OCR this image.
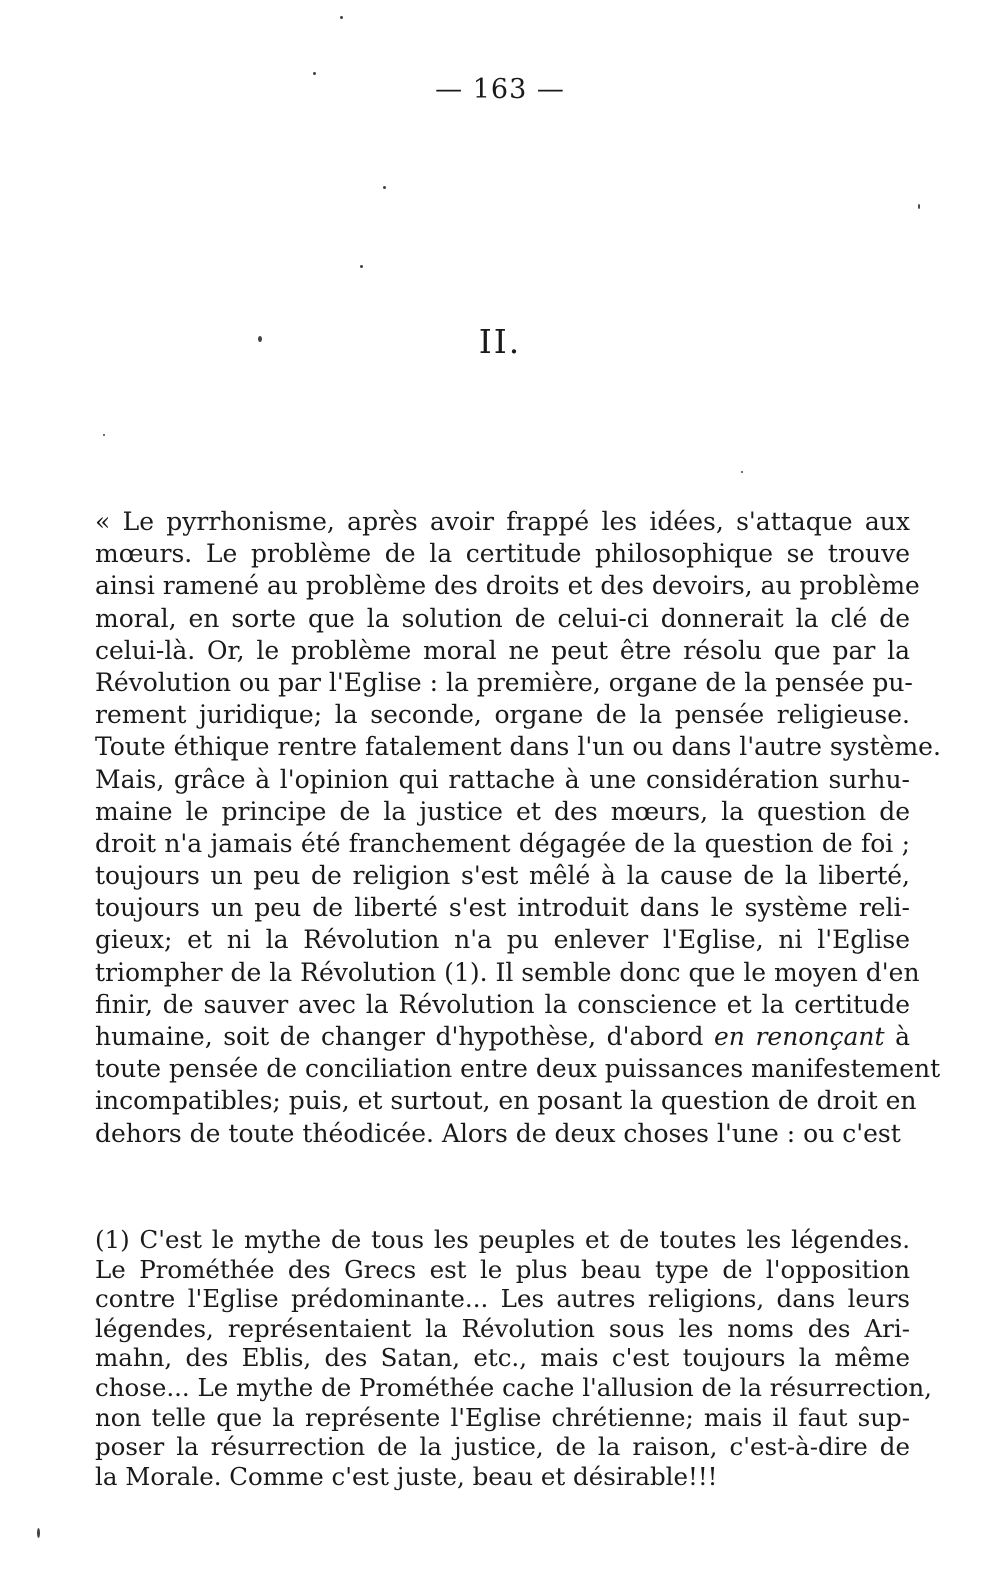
— 163 —
II.
« Le pyrrhonisme, après avoir frappé les idées, s'attaque aux
mœurs. Le problème de la certitude philosophique se trouve
ainsi ramené au problème des droits et des devoirs, au problème
moral, en sorte que la solution de celui-ci donnerait la clé de
celui-là. Or, le problème moral ne peut être résolu que par la
Révolution ou par l'Eglise : la première, organe de la pensée pu-
rement juridique; la seconde, organe de la pensée religieuse.
Toute éthique rentre fatalement dans l'un ou dans l'autre système.
Mais, grâce à l'opinion qui rattache à une considération surhu-
maine le principe de la justice et des mœurs, la question de
droit n'a jamais été franchement dégagée de la question de foi ;
toujours un peu de religion s'est mêlé à la cause de la liberté,
toujours un peu de liberté s'est introduit dans le système reli-
gieux; et ni la Révolution n'a pu enlever l'Eglise, ni l'Eglise
triompher de la Révolution (1). Il semble donc que le moyen d'en
finir, de sauver avec la Révolution la conscience et la certitude
humaine, soit de changer d'hypothèse, d'abord en renonçant à
toute pensée de conciliation entre deux puissances manifestement
incompatibles; puis, et surtout, en posant la question de droit en
dehors de toute théodicée. Alors de deux choses l'une : ou c'est
(1) C'est le mythe de tous les peuples et de toutes les légendes.
Le Prométhée des Grecs est le plus beau type de l'opposition
contre l'Eglise prédominante... Les autres religions, dans leurs
légendes, représentaient la Révolution sous les noms des Ari-
mahn, des Eblis, des Satan, etc., mais c'est toujours la même
chose... Le mythe de Prométhée cache l'allusion de la résurrection,
non telle que la représente l'Eglise chrétienne; mais il faut sup-
poser la résurrection de la justice, de la raison, c'est-à-dire de
la Morale. Comme c'est juste, beau et désirable!!!
